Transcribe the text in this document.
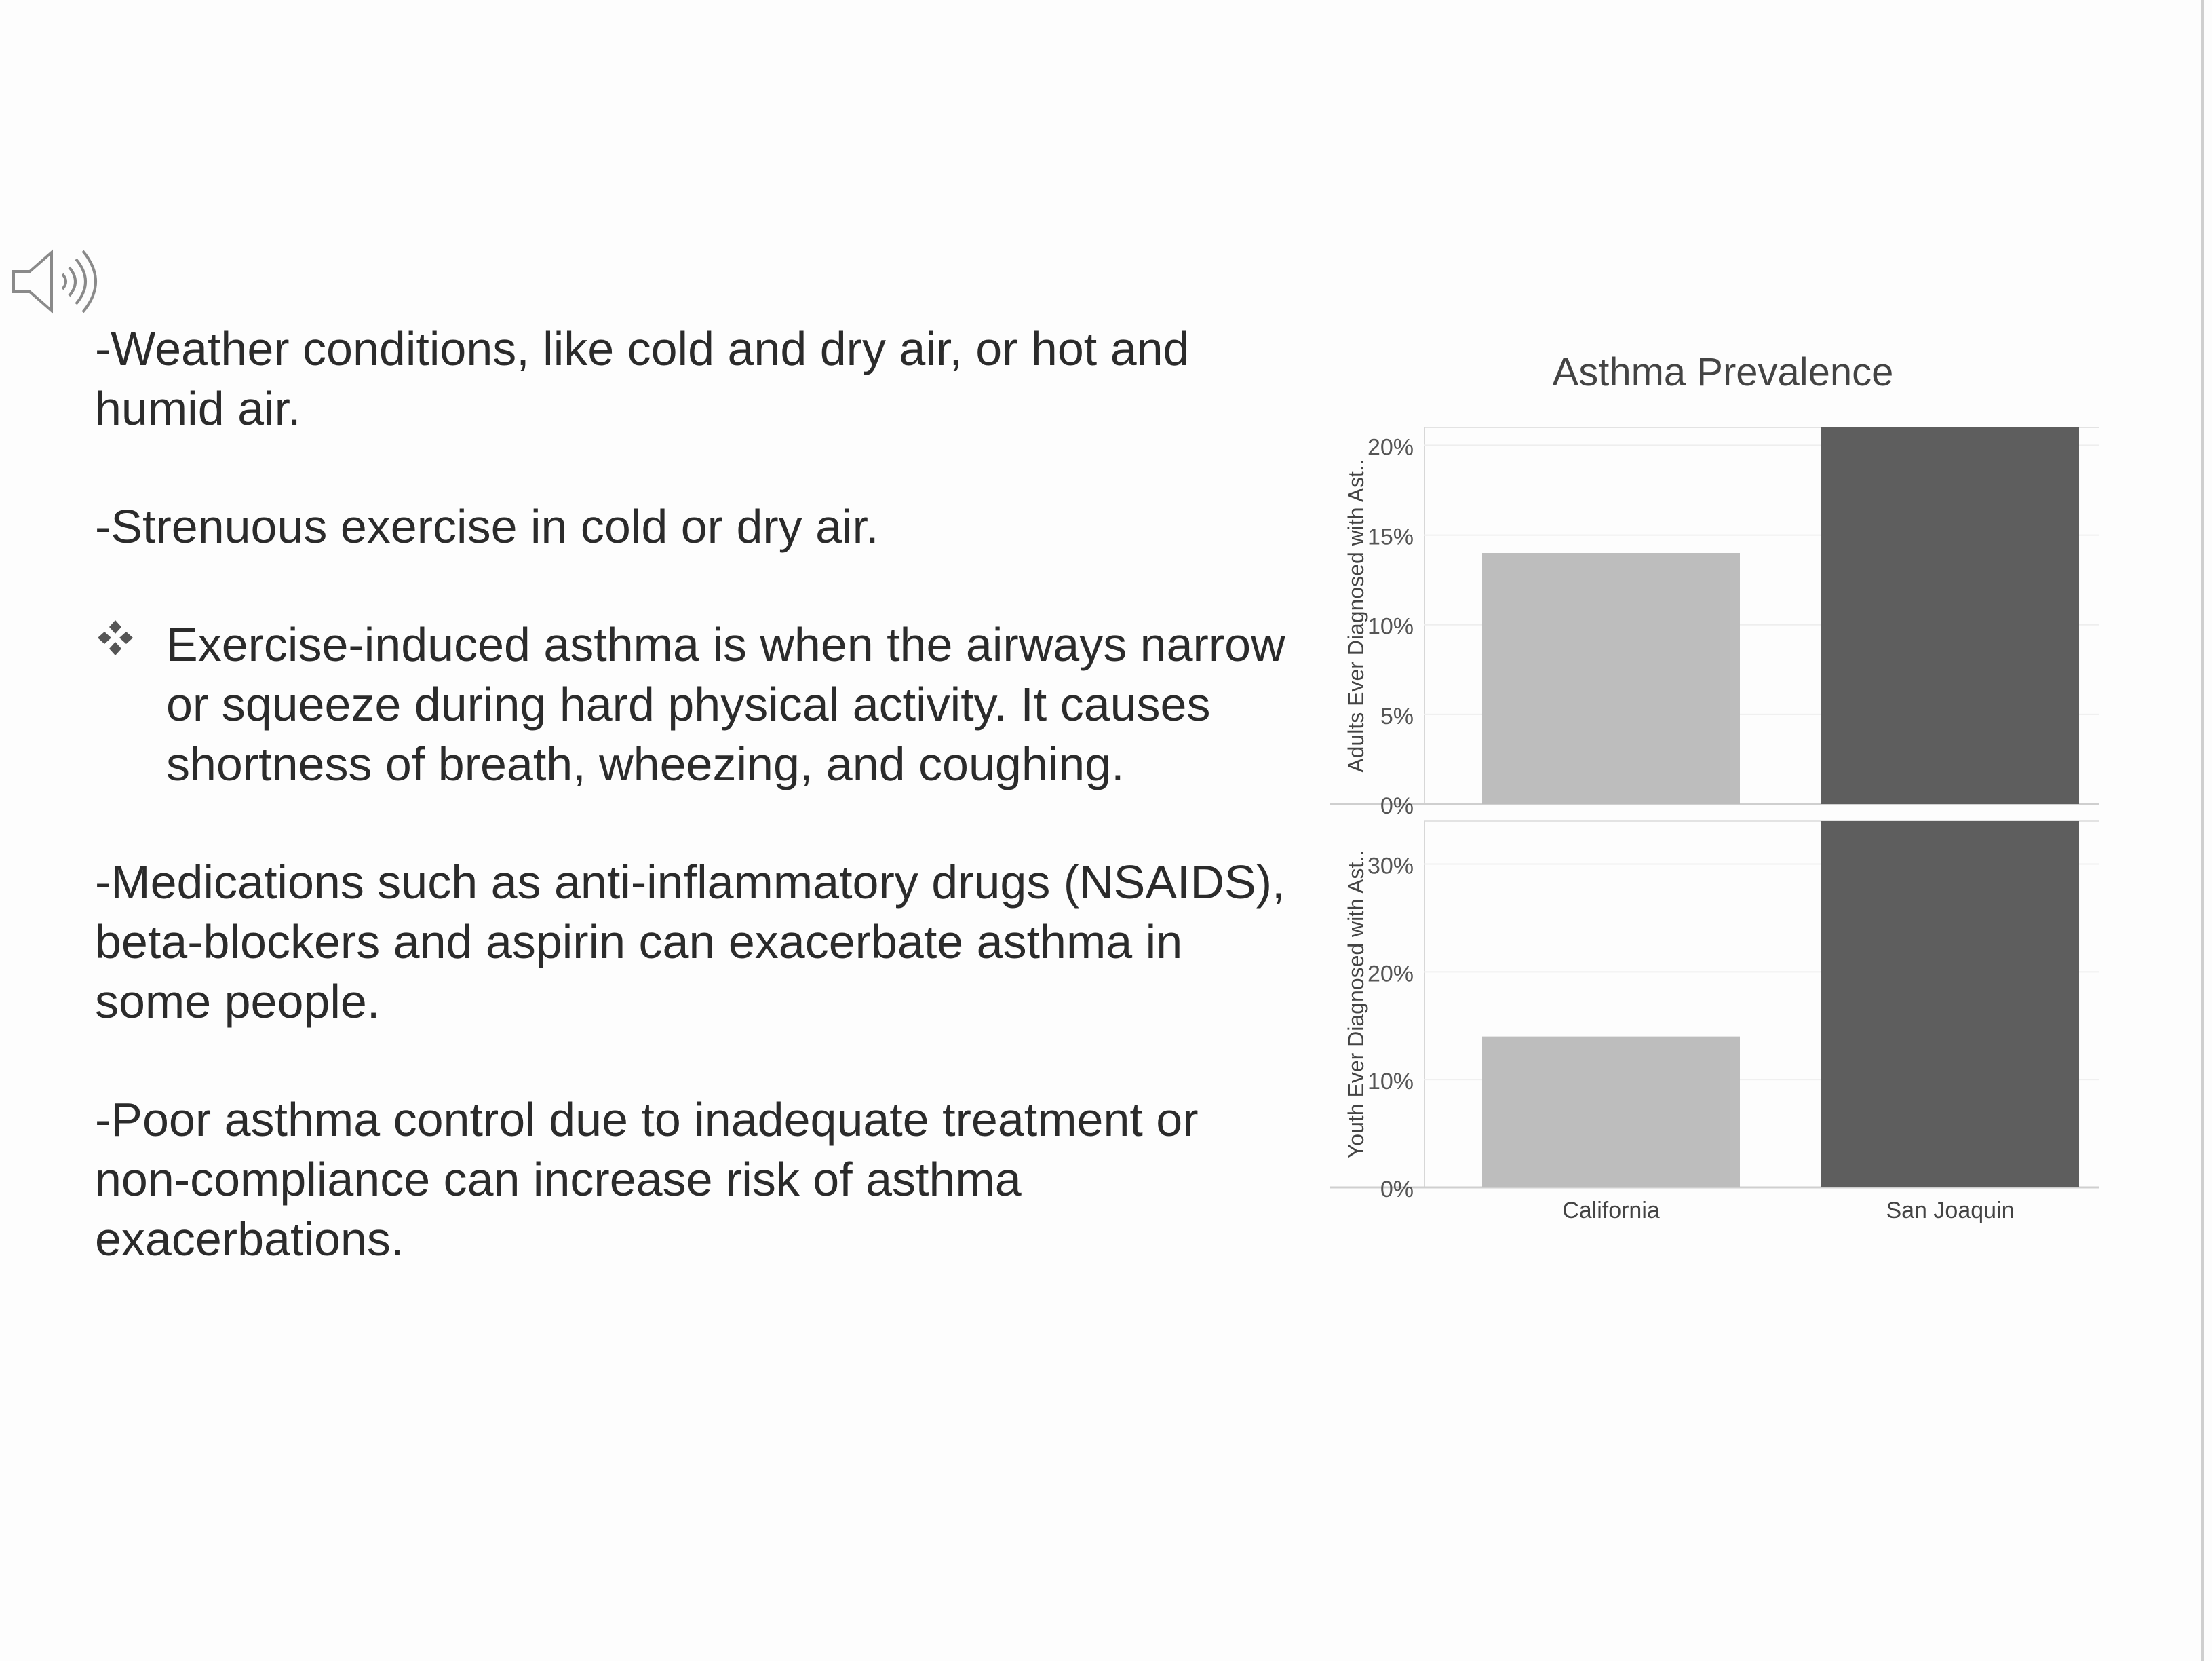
-Weather conditions, like cold and dry air, or hot and humid air.

-Strenuous exercise in cold or dry air.

Exercise-induced asthma is when the airways narrow or squeeze during hard physical activity. It causes shortness of breath, wheezing, and coughing.

-Medications such as anti-inflammatory drugs (NSAIDS), beta-blockers and aspirin can exacerbate asthma in some people.

-Poor asthma control due to inadequate treatment or non-compliance can increase risk of asthma exacerbations.

Asthma Prevalence
0%
5%
10%
15%
20%
Adults Ever Diagnosed with Ast..
0%
10%
20%
30%
Youth Ever Diagnosed with Ast..
California	San Joaquin
